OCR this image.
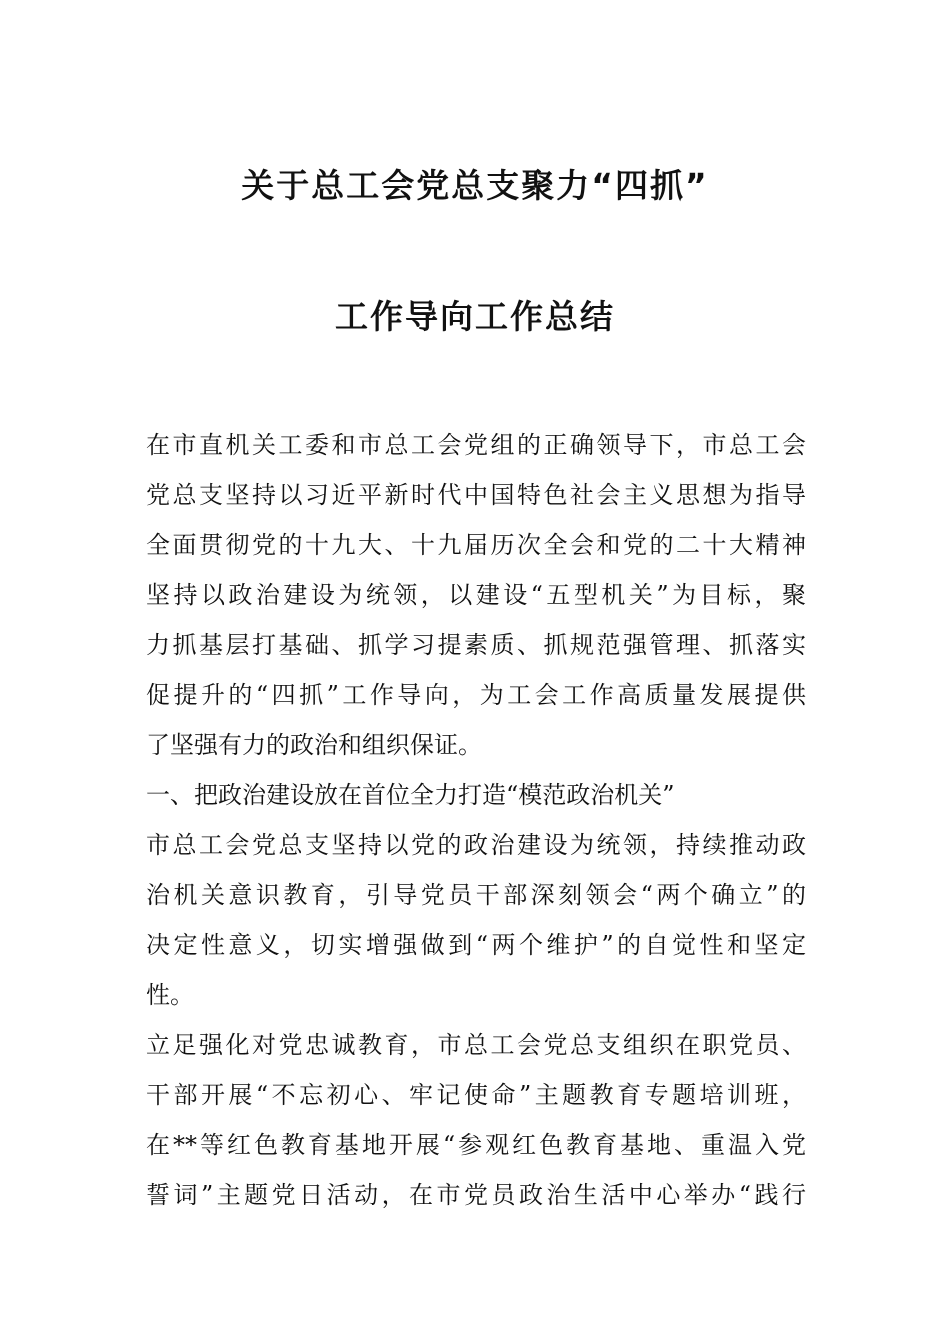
关于总工会党总支聚力“四抓”
工作导向工作总结
在市直机关工委和市总工会党组的正确领导下，市总工会
党总支坚持以习近平新时代中国特色社会主义思想为指导
全面贯彻党的十九大、十九届历次全会和党的二十大精神
坚持以政治建设为统领，以建设“五型机关”为目标，聚
力抓基层打基础、抓学习提素质、抓规范强管理、抓落实
促提升的“四抓”工作导向，为工会工作高质量发展提供
了坚强有力的政治和组织保证。
一、把政治建设放在首位全力打造“模范政治机关”
市总工会党总支坚持以党的政治建设为统领，持续推动政
治机关意识教育，引导党员干部深刻领会“两个确立”的
决定性意义，切实增强做到“两个维护”的自觉性和坚定
性。
立足强化对党忠诚教育，市总工会党总支组织在职党员、
干部开展“不忘初心、牢记使命”主题教育专题培训班，
在**等红色教育基地开展“参观红色教育基地、重温入党
誓词”主题党日活动，在市党员政治生活中心举办“践行
